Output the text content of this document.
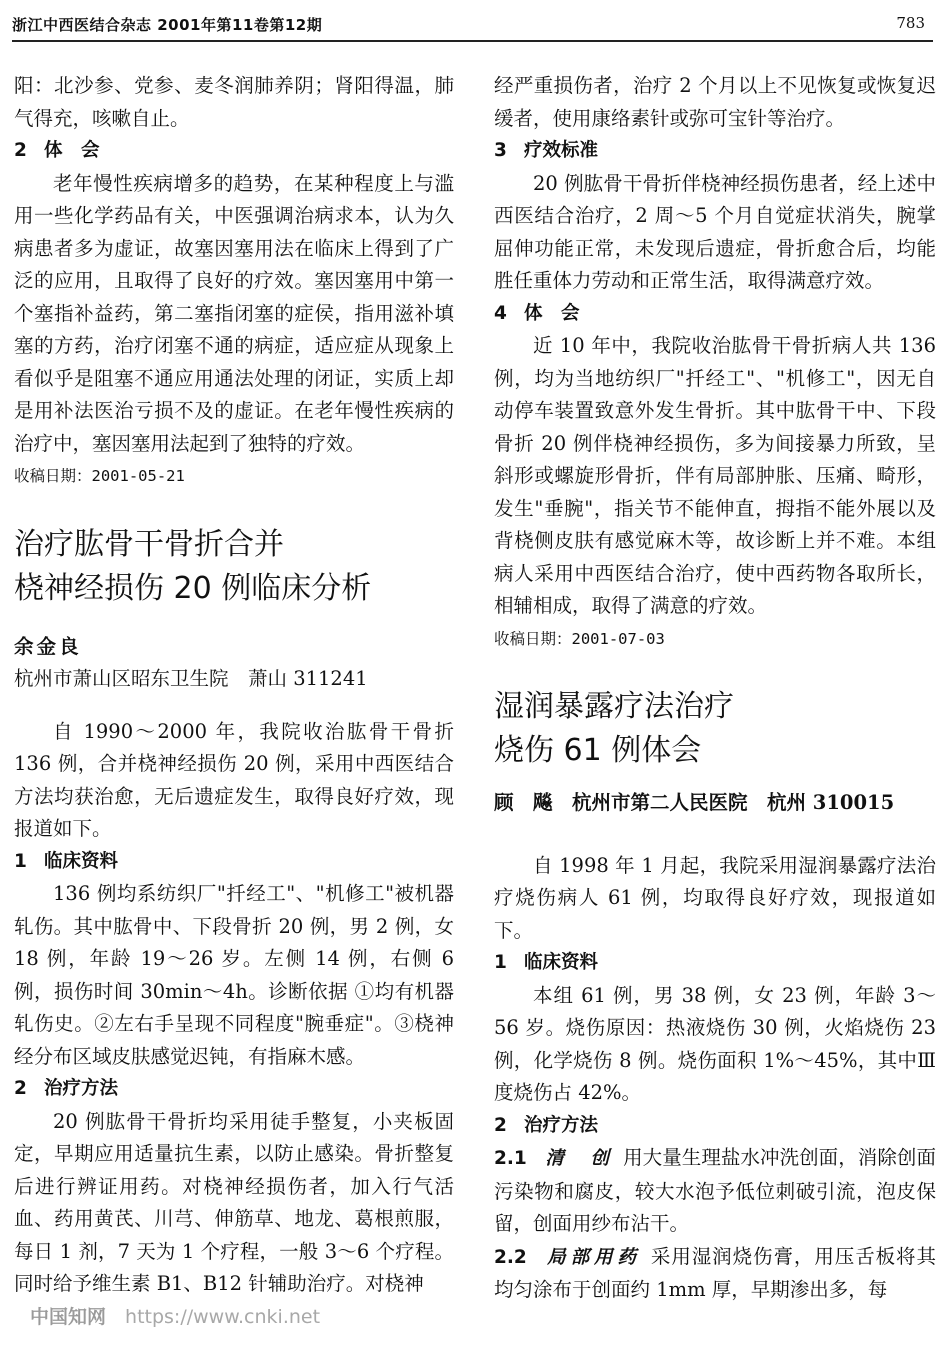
浙江中西医结合杂志 2001年第11卷第12期	783

阳：北沙参、党参、麦冬润肺养阴；肾阳得温，肺气得充，咳嗽自止。

2 体　会

老年慢性疾病增多的趋势，在某种程度上与滥用一些化学药品有关，中医强调治病求本，认为久病患者多为虚证，故塞因塞用法在临床上得到了广泛的应用，且取得了良好的疗效。塞因塞用中第一个塞指补益药，第二塞指闭塞的症侯，指用滋补填塞的方药，治疗闭塞不通的病症，适应症从现象上看似乎是阻塞不通应用通法处理的闭证，实质上却是用补法医治亏损不及的虚证。在老年慢性疾病的治疗中，塞因塞用法起到了独特的疗效。

收稿日期：2001-05-21

治疗肱骨干骨折合并
桡神经损伤 20 例临床分析

余金良

杭州市萧山区昭东卫生院　萧山 311241

自 1990～2000 年，我院收治肱骨干骨折 136 例，合并桡神经损伤 20 例，采用中西医结合方法均获治愈，无后遗症发生，取得良好疗效，现报道如下。

1 临床资料

136 例均系纺织厂"扦经工"、"机修工"被机器轧伤。其中肱骨中、下段骨折 20 例，男 2 例，女 18 例，年龄 19～26 岁。左侧 14 例，右侧 6 例，损伤时间 30min～4h。诊断依据 ①均有机器轧伤史。②左右手呈现不同程度"腕垂症"。③桡神经分布区域皮肤感觉迟钝，有指麻木感。

2 治疗方法

20 例肱骨干骨折均采用徒手整复，小夹板固定，早期应用适量抗生素，以防止感染。骨折整复后进行辨证用药。对桡神经损伤者，加入行气活血、药用黄芪、川芎、伸筋草、地龙、葛根煎服，每日 1 剂，7 天为 1 个疗程，一般 3～6 个疗程。同时给予维生素 B1、B12 针辅助治疗。对桡神

经严重损伤者，治疗 2 个月以上不见恢复或恢复迟缓者，使用康络素针或弥可宝针等治疗。

3 疗效标准

20 例肱骨干骨折伴桡神经损伤患者，经上述中西医结合治疗，2 周～5 个月自觉症状消失，腕掌屈伸功能正常，未发现后遗症，骨折愈合后，均能胜任重体力劳动和正常生活，取得满意疗效。

4 体　会

近 10 年中，我院收治肱骨干骨折病人共 136 例，均为当地纺织厂"扦经工"、"机修工"，因无自动停车装置致意外发生骨折。其中肱骨干中、下段骨折 20 例伴桡神经损伤，多为间接暴力所致，呈斜形或螺旋形骨折，伴有局部肿胀、压痛、畸形，发生"垂腕"，指关节不能伸直，拇指不能外展以及背桡侧皮肤有感觉麻木等，故诊断上并不难。本组病人采用中西医结合治疗，使中西药物各取所长，相辅相成，取得了满意的疗效。

收稿日期：2001-07-03

湿润暴露疗法治疗
烧伤 61 例体会

顾　飚　杭州市第二人民医院　杭州 310015

自 1998 年 1 月起，我院采用湿润暴露疗法治疗烧伤病人 61 例，均取得良好疗效，现报道如下。

1 临床资料

本组 61 例，男 38 例，女 23 例，年龄 3～56 岁。烧伤原因：热液烧伤 30 例，火焰烧伤 23 例，化学烧伤 8 例。烧伤面积 1%～45%，其中Ⅲ度烧伤占 42%。

2 治疗方法

2.1　 清　创 用大量生理盐水冲洗创面，消除创面污染物和腐皮，较大水泡予低位刺破引流，泡皮保留，创面用纱布沾干。

2.2　 局部用药 采用湿润烧伤膏，用压舌板将其均匀涂布于创面约 1mm 厚，早期渗出多，每

中国知网　 https://www.cnki.net
